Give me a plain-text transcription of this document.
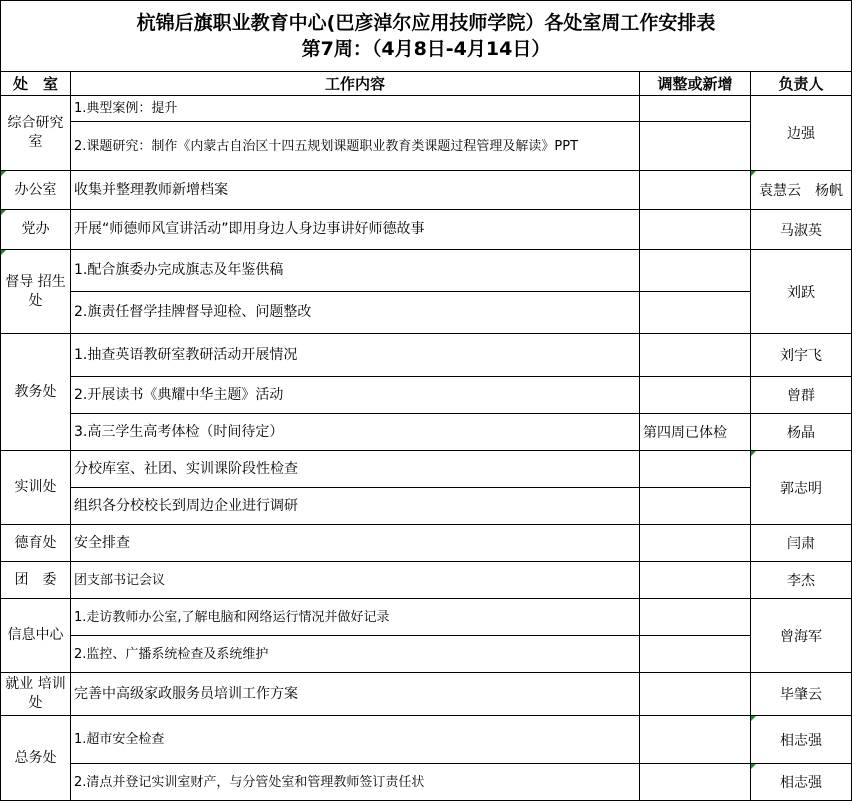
杭锦后旗职业教育中心(巴彦淖尔应用技师学院）各处室周工作安排表
第7周：（4月8日-4月14日）			

处　室	工作内容	调整或新增	负责人
综合研究室	1.典型案例：提升		边强
	2.课题研究：制作《内蒙古自治区十四五规划课题职业教育类课题过程管理及解读》PPT		
办公室	收集并整理教师新增档案		袁慧云　杨帆
党办	开展“师德师风宣讲活动”即用身边人身边事讲好师德故事		马淑英
督导 招生处	1.配合旗委办完成旗志及年鉴供稿		刘跃
	2.旗责任督学挂牌督导迎检、问题整改		
教务处	1.抽查英语教研室教研活动开展情况		刘宇飞
	2.开展读书《典耀中华主题》活动		曾群
	3.高三学生高考体检（时间待定）	第四周已体检	杨晶
实训处	分校库室、社团、实训课阶段性检查		郭志明
	组织各分校校长到周边企业进行调研		
德育处	安全排查		闫肃
团　委	团支部书记会议		李杰
信息中心	1.走访教师办公室,了解电脑和网络运行情况并做好记录		曾海军
	2.监控、广播系统检查及系统维护		
就业 培训处	完善中高级家政服务员培训工作方案		毕肇云
总务处	1.超市安全检查		相志强
	2.清点并登记实训室财产，与分管处室和管理教师签订责任状		相志强
